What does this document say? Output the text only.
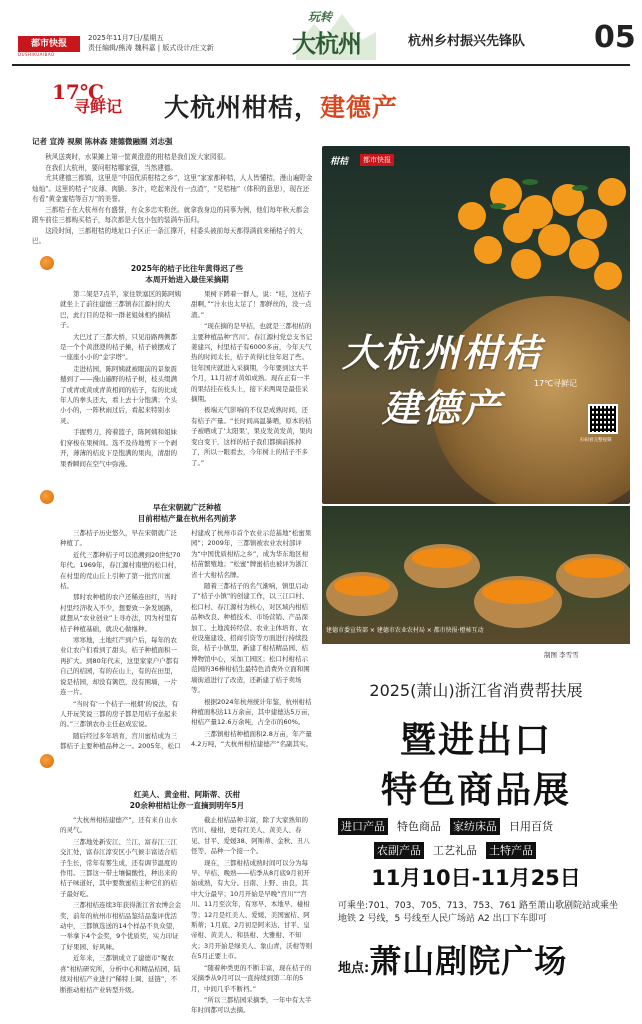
都市快报
DUSHIKUAIBAO
2025年11月7日/星期五
责任编辑/熊涛 魏科嘉 | 版式设计/庄文新
玩转
大杭州	杭州乡村振兴先锋队 05
17℃
寻鲜记 大杭州柑桔，建德产
记者 宣涛 视频 陈林森 建德微融圈 刘志强

秋风送爽时，水果摊上第一筐黄澄澄的柑桔是我们发大家园很。

在我们大杭州，要问柑桔哪家强，当然建德。

尤其建德三都镇，这里是“中国优质柑桔之乡”，这里“家家都种桔，人人皆懂桔，漫山遍野金灿灿”。这里的桔子“皮薄、肉脆、多汁，吃起来没有一点渣”，“兑桔柚”（体积的意思），现在还有看“黄金蜜桔等百万”的美誉。

三都桔子在大杭州有有盛誉，有众多忠实粉丝。就拿我身边的同事为例，他们每年秋天都会跟车前往三都购买桔子，每次都是大包小包的装满车而归。

这段时间，三都柑桔的地址口子区正一条江撑开，村委头被前每天都得满前来桶桔子的大巴。

2025年的桔子比往年黄得迟了些
本周开始进入最佳采摘期

第二架是7点半，家住铁塞区的陈阿姨就坐上了前往建德三都镇春江源村的大巴，此行目的是和一群老姐妹相约摘桔子。

大巴过了三都大桥，只见沿路两侧都是一个个黄澄澄的桔子摊，桔子被摆成了一座座小小的“金字塔”。

走进桔园，陈阿姨就被眼前的景象震撼到了——漫山遍野的桔子树，枝头缀满了或青或黄或青黄相间的桔子，有的比成年人的拳头还大，看上去十分饱满；个头小小的，一阵秋雨过后，看起来特别水灵。

手握剪刀，挎着篮子，陈阿姨和姐妹们穿梭在果树间。选不及待地剪下一个剥开，薄薄的桔皮下是饱满的果肉，清甜的果香瞬间在空气中弥漫。

果树下蹲着一群人，说：“哇，这桔子甜啊，”“汁水也太足了！那鲜丝的，没一点渣。”

“现在摘的是早桔，也就是三都柑桔的主要种植品种‘宫川’。春江源村党总支书记姜建兴，村里桔子有6000多亩，今年天气热的时间太长，桔子黄得比往年迟了些。往年国庆就进入采摘期，今年要到这大半个月，11月初才黄如成熟。现在正有一半的果结挂在枝头上，接下来两周是最佳采摘期。

极端天气影响的不仅是成熟时间，还有桔子产量。“长时间高温暴晒，原本的桔子被晒成了‘太阳果’，果皮发黄发黄，果肉变白变干，这样的桔子我们都摘前拣掉了，所以一眼看去，今年树上的桔子不多了。”

早在宋朝就广泛种植
目前柑桔产量在杭州名列前茅

三都桔子历史悠久，早在宋朝就广泛种植了。

近代三都种桔子可以追溯到20世纪70年代。1969年，春江源村南壁的松口村，在村里的荒山丘上引种了第一批宫川蜜桔。

那时农种植的农户还稀连田红，当时村里经济收入不少，想要致一条发展路，就想从“农业创业”上寻办法，因为村里有桔子种植基础，就决心做继种。

寒寒地，土地红产到户后，每年的农业让农户们看到了甜头，桔子种植面积一再扩大。到80年代末，这里家家户户都有自己的桔园，有的在山上，有的在田里，说是桔园，却没有篱笆，没有围墙，一片连一片。

“当时有‘一个桔子一根烟’的说法，有人开玩笑说三都的房子都是用桔子垒起来的。”三都镇农办主任赵成宏说。

随后经过多年培育，宫川蜜桔成为三都桔子主要种植品种之一。2005年，松口村建成了杭州市首个农业示范基地“松蜜果园”；2009年，三都镇被农业农村部评为“中国优质柑桔之乡”，成为华东地区柑桔苗繁殖地；“松蜜”牌蜜桔也被评为浙江省十大柑桔名牌。

随着三都桔子的名气渐响，镇里启动了“桔子小镇”的创建工作，以三江口村、松口村、春江源村为核心，对区域内柑桔品种改良、种植技术、市场营销、产品深加工、土地流转经营、农业主体培育、农业设施建设、招商引资等方面进行持续投资，桔子小镇里，新建了柑桔精品园、桔博物馆中心，采加工园区；松口村柑桔示范园的36棒柑桔生最特色消费外立面和围墙街道进行了改造，还新建了桔子卖场等。

根据2024年杭州统计年鉴，杭州柑桔种植面积达11万余亩，其中建德达5万亩，柑桔产量12.6万余吨，占全市的60%。

三都镇柑桔种植面积2.8万亩，年产量4.2万吨，“大杭州柑桔建德产”名副其实。

红美人、黄金柑、阿斯蒂、沃柑
20余种柑桔让你一直摘到明年5月

“大杭州柑桔建德产”，还有来自山水的灵气。

三都地处新安江、兰江、富春江三江交汇处，富春江淳安区小气候丰富适合桔子生长，常年有雾生成，还有调节温度的作用。三都这一带土壤偏酸性，种出来的桔子味道好，其中要数蜜桔主种它们的桔子最好吃。

三都柑桔连续3年获得浙江省农博会金奖，前年的杭州市柑桔品鉴结品鉴评优活动中，三都镇选送的14个样品不负众望，一举拿下4个金奖，9个优质奖，实力印证了好果园、好风味。

近年来，三都镇成立了建德市“聚农喜”柑桔研究所，分析中心和精品桔园，陆续对柑桔产业进行“稀特上调、延链”，不断推动柑桔产业转型升级。

截止柑桔品种丰富，除了大家熟知的宫川、椪柑，更有红美人、黄美人、春见、甘平、爱媛38、阿斯蒂、金秋、丑八怪等，品种一个接一个。

现在，三都柑桔成熟时间可以分为每早、早桔、晚熟——桔季从8月底9月初开始成熟，有大分、日南、上野、由良，其中大分最早；10月开始是早晚“宫川”“宫川、11月至次年，有寒早、本地早、椪柑等；12月是红美人、爱媛、美国蜜桔、阿斯蒂；1月底、2月初是阿米达、甘平、皇帝柑、黄美人、和县柑、大雅柑、不知火；3月开始是绿美人、象山青，沃柑等则在5月正要上市。

“随着种类更的不断丰富，现在桔子的采摘季从9月可以一直持续到第二年的5月，中间几乎不断档。”

“所以三都桔园采摘季，一年中有大半年时间都可以去摘。

柑桔	都市快报
大杭州柑桔
建德产
17℃寻鲜记
扫码看完整视频
建德市委宣传部 × 建德市农业农村局 × 都市快报·橙柿互动
制图 李雪雪
2025(萧山)浙江省消费帮扶展
暨进出口
特色商品展
进口产品 特色商品 家纺床品 日用百货
农副产品 工艺礼品 土特产品
11月10日-11月25日
可乘坐:701、703、705、713、753、761 路至萧山歌剧院站或乘坐地铁 2 号线，5 号线至人民广场站 A2 出口下车即可
地点: 萧山剧院广场
